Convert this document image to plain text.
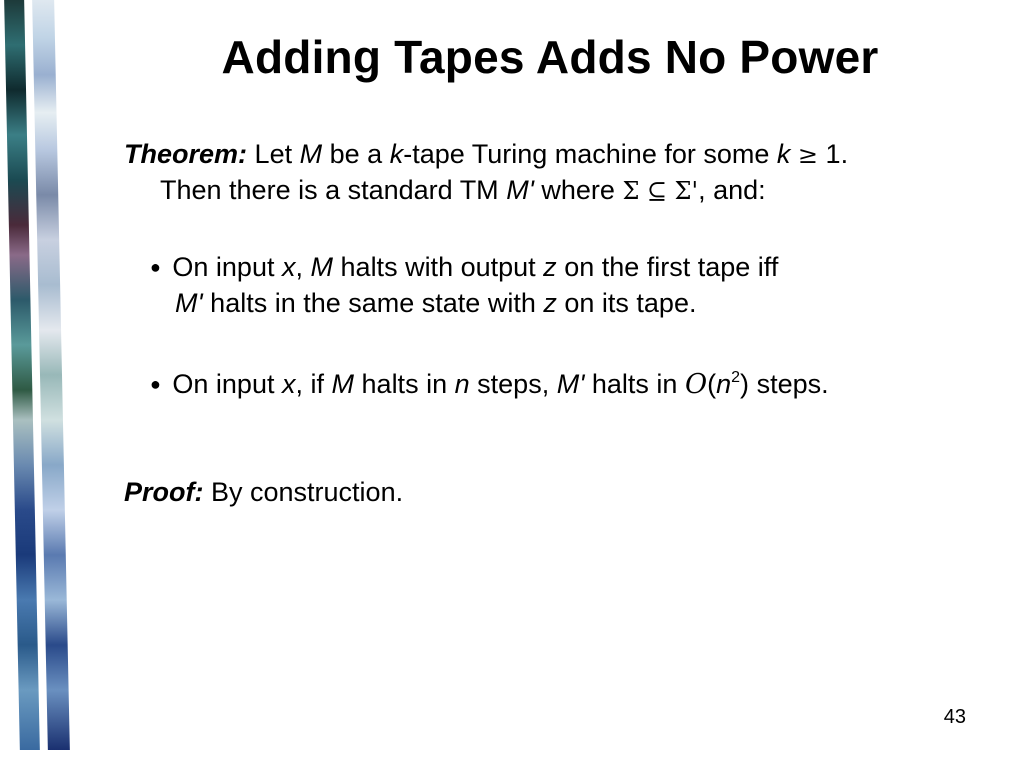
Adding Tapes Adds No Power
Theorem: Let M be a k-tape Turing machine for some k ≥ 1.
Then there is a standard TM M' where Σ ⊆ Σ', and:
● On input x, M halts with output z on the first tape iff
M' halts in the same state with z on its tape.
● On input x, if M halts in n steps, M' halts in $O(n^2)$ steps.
Proof: By construction.
43
